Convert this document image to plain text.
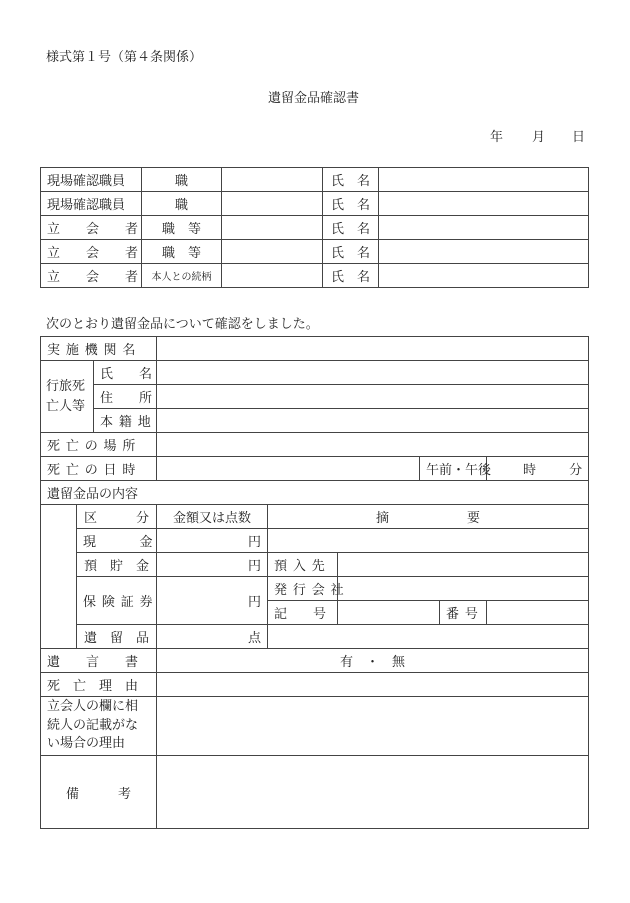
様式第１号（第４条関係）
遺留金品確認書
年 月 日
現場確認職員	職		氏　名	
現場確認職員	職		氏　名	
立　　会　　者	職　等		氏　名	
立　　会　　者	職　等		氏　名	
立　　会　　者	本人との続柄		氏　名	
次のとおり遺留金品について確認をしました。
実施機関名								
行旅死亡人等		氏　　名						
		住　　所						
		本籍地						
死亡の場所								
死亡の日時						午前・午後		時 分

遺留金品の内容								
	区　　　分		金額又は点数	摘　　　　　　要				
	現　　金		円					
	預　貯　金		円	預入先				
	保険証券		円	発行会社				
				記　　号			番号	
	遺　留　品		点					
遺　　言　　書			有　・　無					
死　亡　理　由								

立会人の欄に相
続人の記載がな
い場合の理由								

備　　　考								
